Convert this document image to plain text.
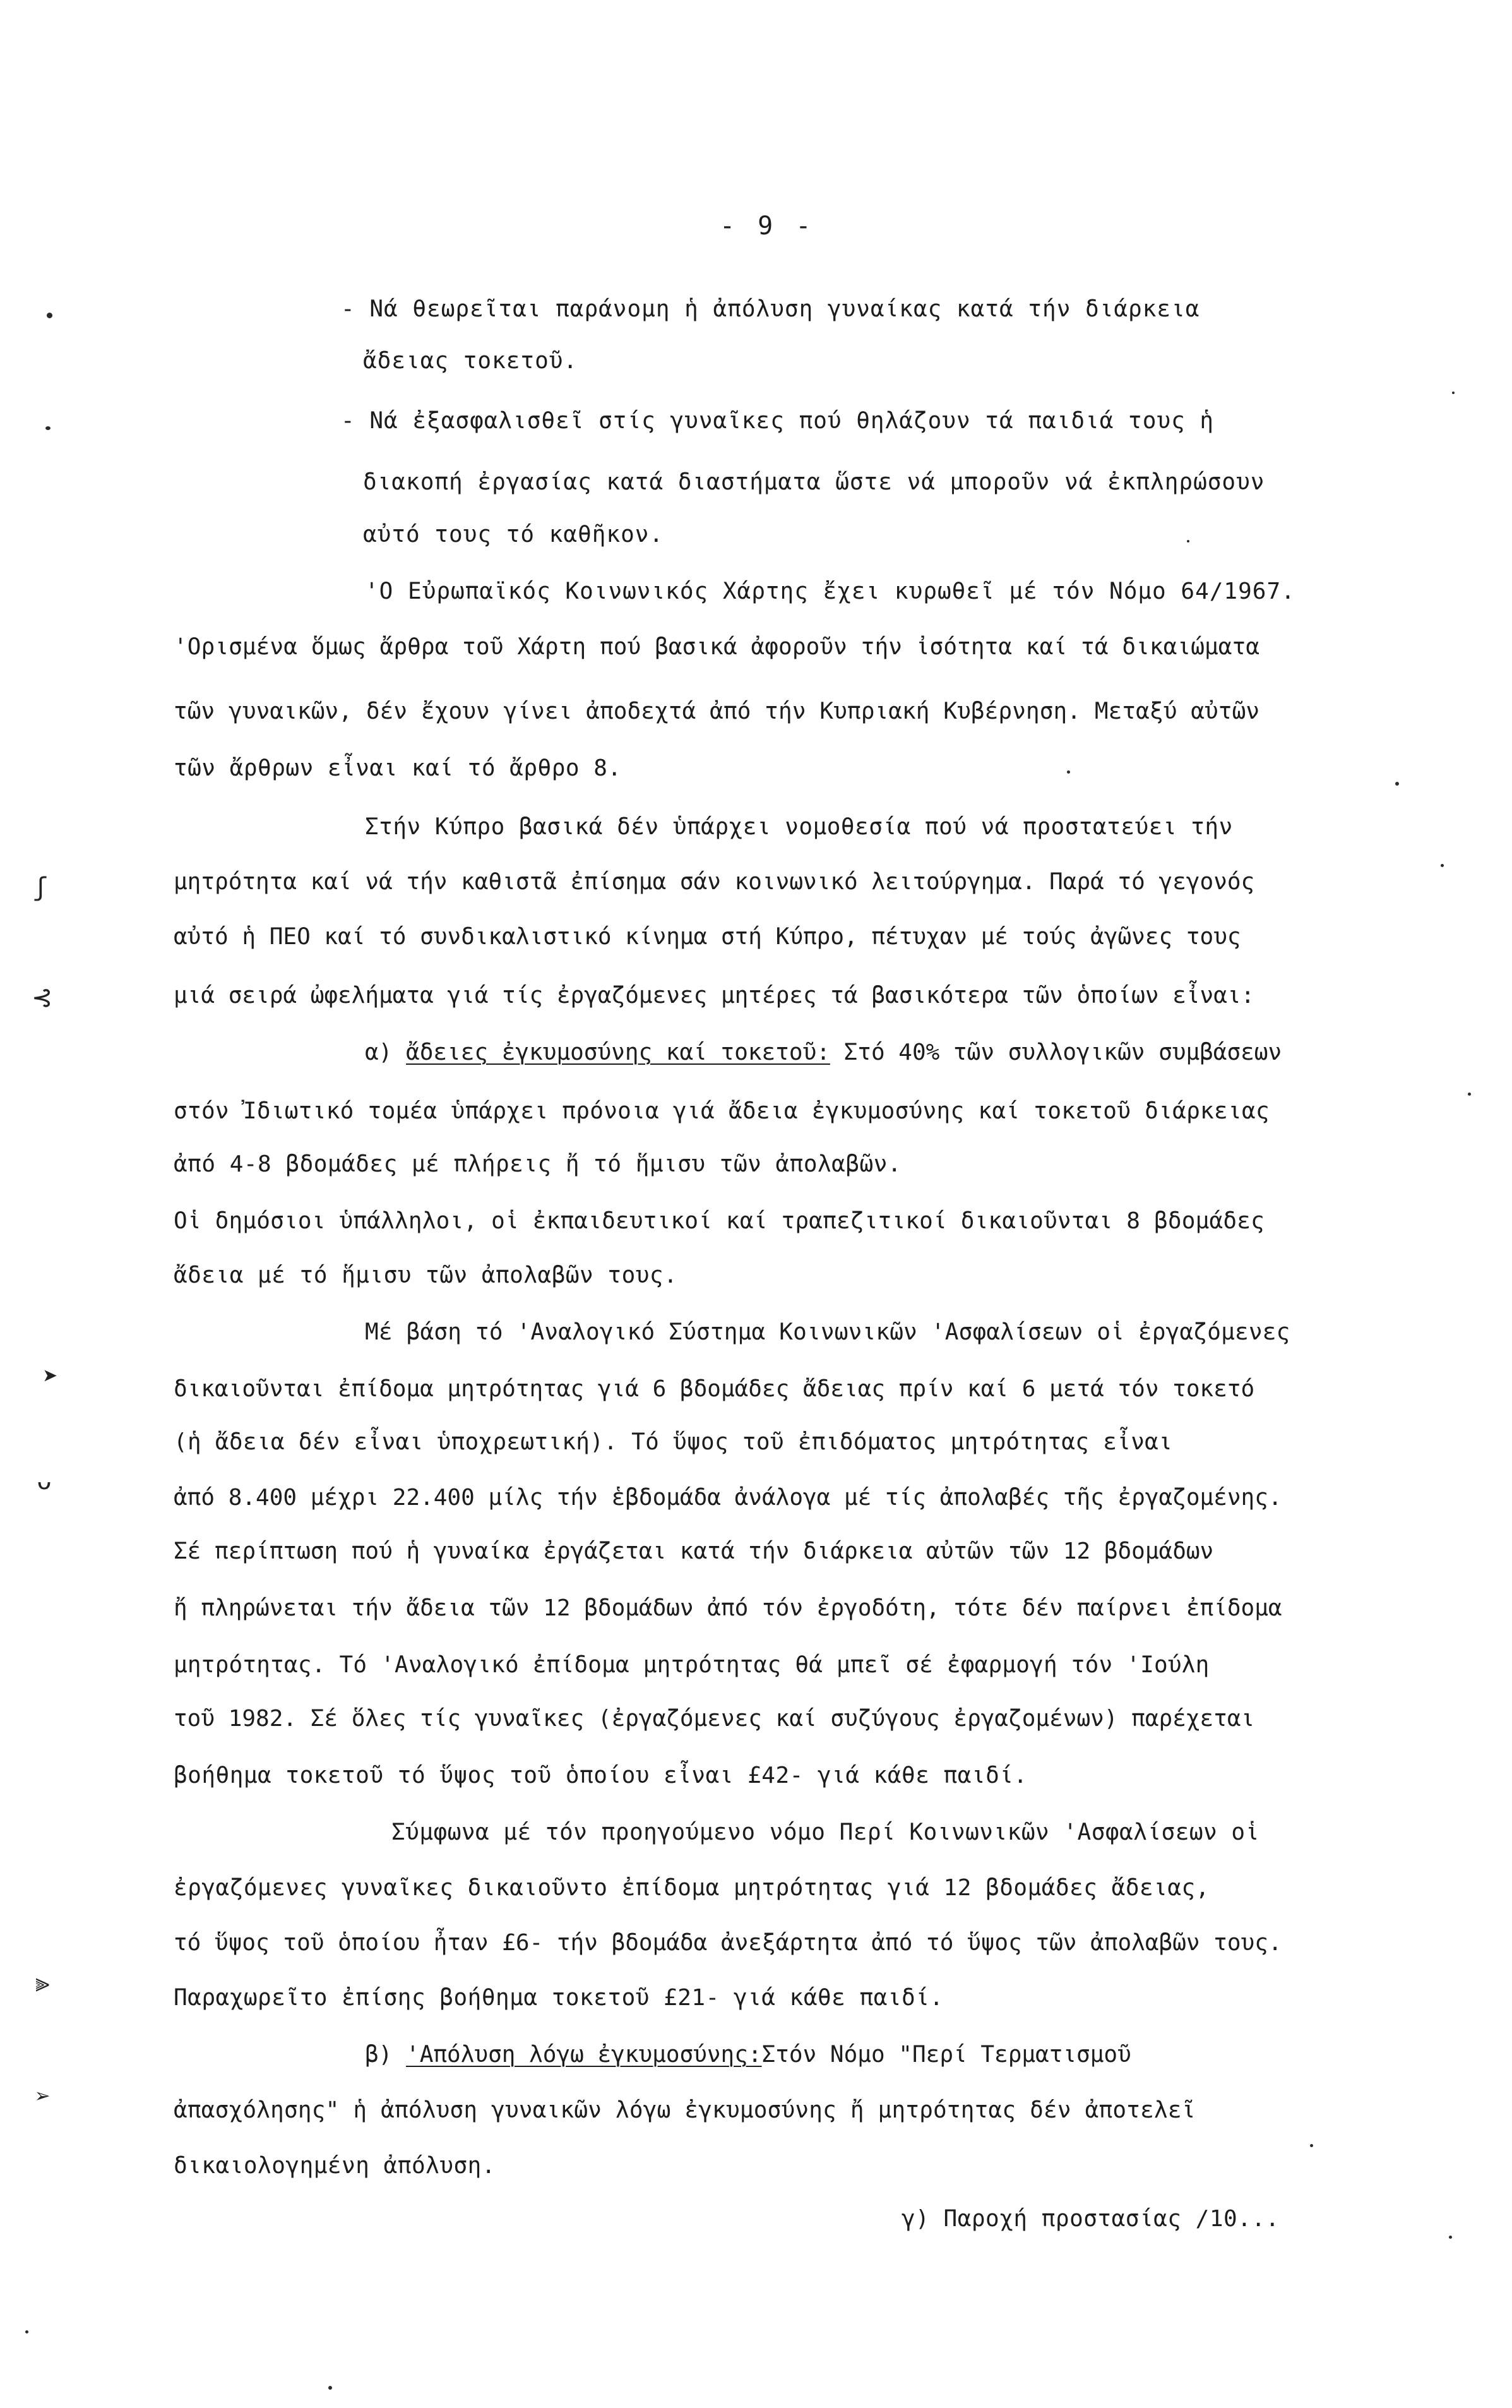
- 9 -
- Νά θεωρεῖται παράνομη ἡ ἀπόλυση γυναίκας κατά τήν διάρκεια
ἄδειας τοκετοῦ.
- Νά ἐξασφαλισθεῖ στίς γυναῖκες πού θηλάζουν τά παιδιά τους ἡ
διακοπή ἐργασίας κατά διαστήματα ὥστε νά μποροῦν νά ἐκπληρώσουν
αὐτό τους τό καθῆκον.
'Ο Εὐρωπαϊκός Κοινωνικός Χάρτης ἔχει κυρωθεῖ μέ τόν Νόμο 64/1967.
'Ορισμένα ὅμως ἄρθρα τοῦ Χάρτη πού βασικά ἀφοροῦν τήν ἰσότητα καί τά δικαιώματα
τῶν γυναικῶν, δέν ἔχουν γίνει ἀποδεχτά ἀπό τήν Κυπριακή Κυβέρνηση. Μεταξύ αὐτῶν
τῶν ἄρθρων εἶναι καί τό ἄρθρο 8.
Στήν Κύπρο βασικά δέν ὑπάρχει νομοθεσία πού νά προστατεύει τήν
μητρότητα καί νά τήν καθιστᾶ ἐπίσημα σάν κοινωνικό λειτούργημα. Παρά τό γεγονός
αὐτό ἡ ΠΕΟ καί τό συνδικαλιστικό κίνημα στή Κύπρο, πέτυχαν μέ τούς ἀγῶνες τους
μιά σειρά ὠφελήματα γιά τίς ἐργαζόμενες μητέρες τά βασικότερα τῶν ὁποίων εἶναι:
α) ἄδειες ἐγκυμοσύνης καί τοκετοῦ: Στό 40% τῶν συλλογικῶν συμβάσεων
στόν Ἰδιωτικό τομέα ὑπάρχει πρόνοια γιά ἄδεια ἐγκυμοσύνης καί τοκετοῦ διάρκειας
ἀπό 4-8 βδομάδες μέ πλήρεις ἤ τό ἥμισυ τῶν ἀπολαβῶν.
Οἱ δημόσιοι ὑπάλληλοι, οἱ ἐκπαιδευτικοί καί τραπεζιτικοί δικαιοῦνται 8 βδομάδες
ἄδεια μέ τό ἥμισυ τῶν ἀπολαβῶν τους.
Μέ βάση τό 'Αναλογικό Σύστημα Κοινωνικῶν 'Ασφαλίσεων οἱ ἐργαζόμενες
δικαιοῦνται ἐπίδομα μητρότητας γιά 6 βδομάδες ἄδειας πρίν καί 6 μετά τόν τοκετό
(ἡ ἄδεια δέν εἶναι ὑποχρεωτική). Τό ὕψος τοῦ ἐπιδόματος μητρότητας εἶναι
ἀπό 8.400 μέχρι 22.400 μίλς τήν ἑβδομάδα ἀνάλογα μέ τίς ἀπολαβές τῆς ἐργαζομένης.
Σέ περίπτωση πού ἡ γυναίκα ἐργάζεται κατά τήν διάρκεια αὐτῶν τῶν 12 βδομάδων
ἤ πληρώνεται τήν ἄδεια τῶν 12 βδομάδων ἀπό τόν ἐργοδότη, τότε δέν παίρνει ἐπίδομα
μητρότητας. Τό 'Αναλογικό ἐπίδομα μητρότητας θά μπεῖ σέ ἐφαρμογή τόν 'Ιούλη
τοῦ 1982. Σέ ὅλες τίς γυναῖκες (ἐργαζόμενες καί συζύγους ἐργαζομένων) παρέχεται
βοήθημα τοκετοῦ τό ὕψος τοῦ ὁποίου εἶναι £42- γιά κάθε παιδί.
Σύμφωνα μέ τόν προηγούμενο νόμο Περί Κοινωνικῶν 'Ασφαλίσεων οἱ
ἐργαζόμενες γυναῖκες δικαιοῦντο ἐπίδομα μητρότητας γιά 12 βδομάδες ἄδειας,
τό ὕψος τοῦ ὁποίου ἦταν £6- τήν βδομάδα ἀνεξάρτητα ἀπό τό ὕψος τῶν ἀπολαβῶν τους.
Παραχωρεῖτο ἐπίσης βοήθημα τοκετοῦ £21- γιά κάθε παιδί.
β) 'Απόλυση λόγω ἐγκυμοσύνης:Στόν Νόμο "Περί Τερματισμοῦ
ἀπασχόλησης" ἡ ἀπόλυση γυναικῶν λόγω ἐγκυμοσύνης ἤ μητρότητας δέν ἀποτελεῖ
δικαιολογημένη ἀπόλυση.
γ) Παροχή προστασίας /10...
ʃ
⊰
➤
ᴗ
⫸
➢
